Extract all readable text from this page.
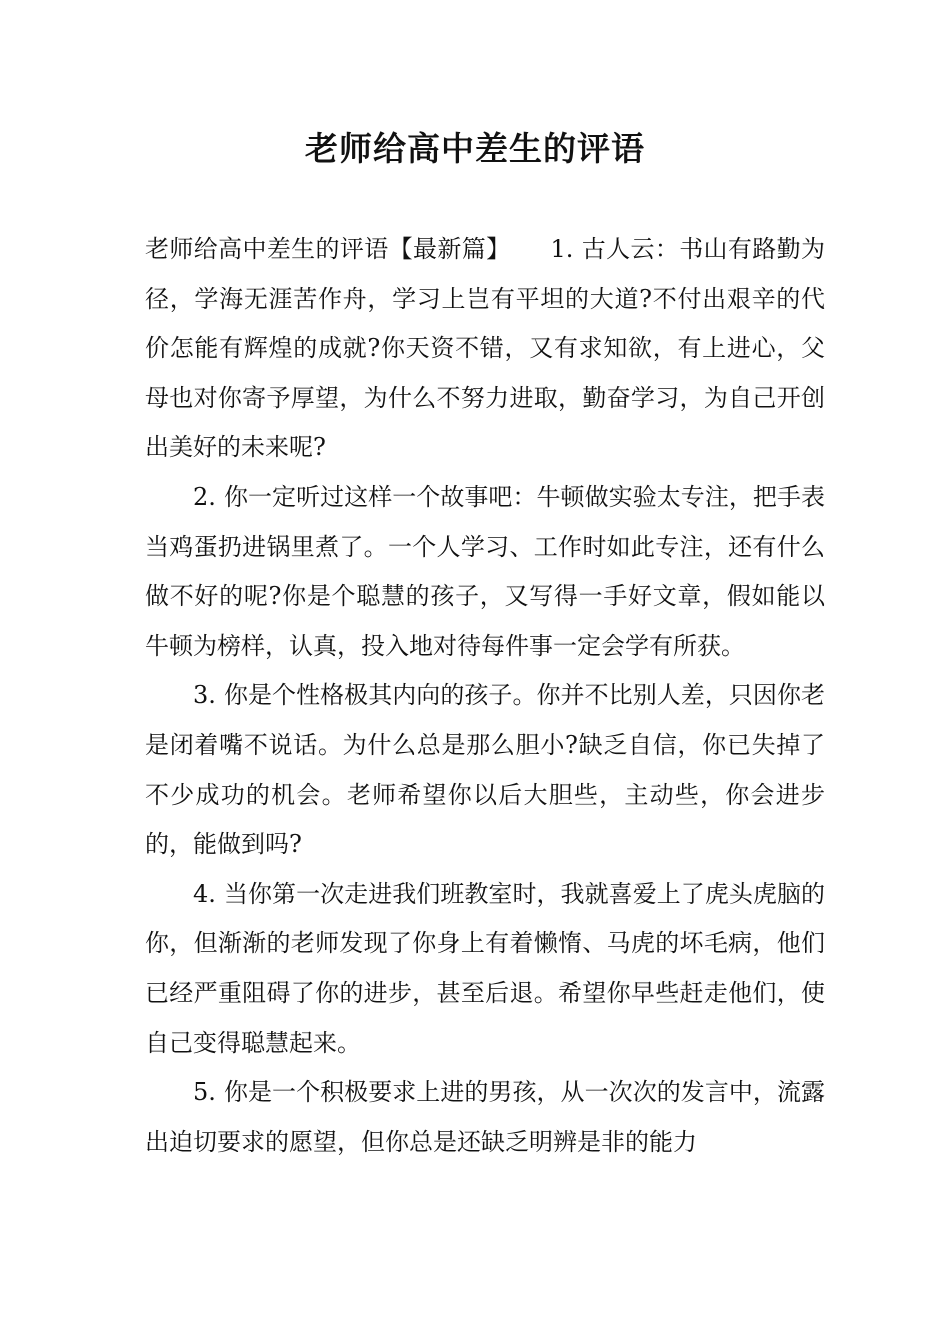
老师给高中差生的评语

老师给高中差生的评语【最新篇】 1. 古人云：书山有路勤为径，学海无涯苦作舟，学习上岂有平坦的大道?不付出艰辛的代价怎能有辉煌的成就?你天资不错，又有求知欲，有上进心，父母也对你寄予厚望，为什么不努力进取，勤奋学习，为自己开创出美好的未来呢?

2. 你一定听过这样一个故事吧：牛顿做实验太专注，把手表当鸡蛋扔进锅里煮了。一个人学习、工作时如此专注，还有什么做不好的呢?你是个聪慧的孩子，又写得一手好文章，假如能以牛顿为榜样，认真，投入地对待每件事一定会学有所获。

3. 你是个性格极其内向的孩子。你并不比别人差，只因你老是闭着嘴不说话。为什么总是那么胆小?缺乏自信，你已失掉了不少成功的机会。老师希望你以后大胆些，主动些，你会进步的，能做到吗?

4. 当你第一次走进我们班教室时，我就喜爱上了虎头虎脑的你，但渐渐的老师发现了你身上有着懒惰、马虎的坏毛病，他们已经严重阻碍了你的进步，甚至后退。希望你早些赶走他们，使自己变得聪慧起来。

5. 你是一个积极要求上进的男孩，从一次次的发言中，流露出迫切要求的愿望，但你总是还缺乏明辨是非的能力
